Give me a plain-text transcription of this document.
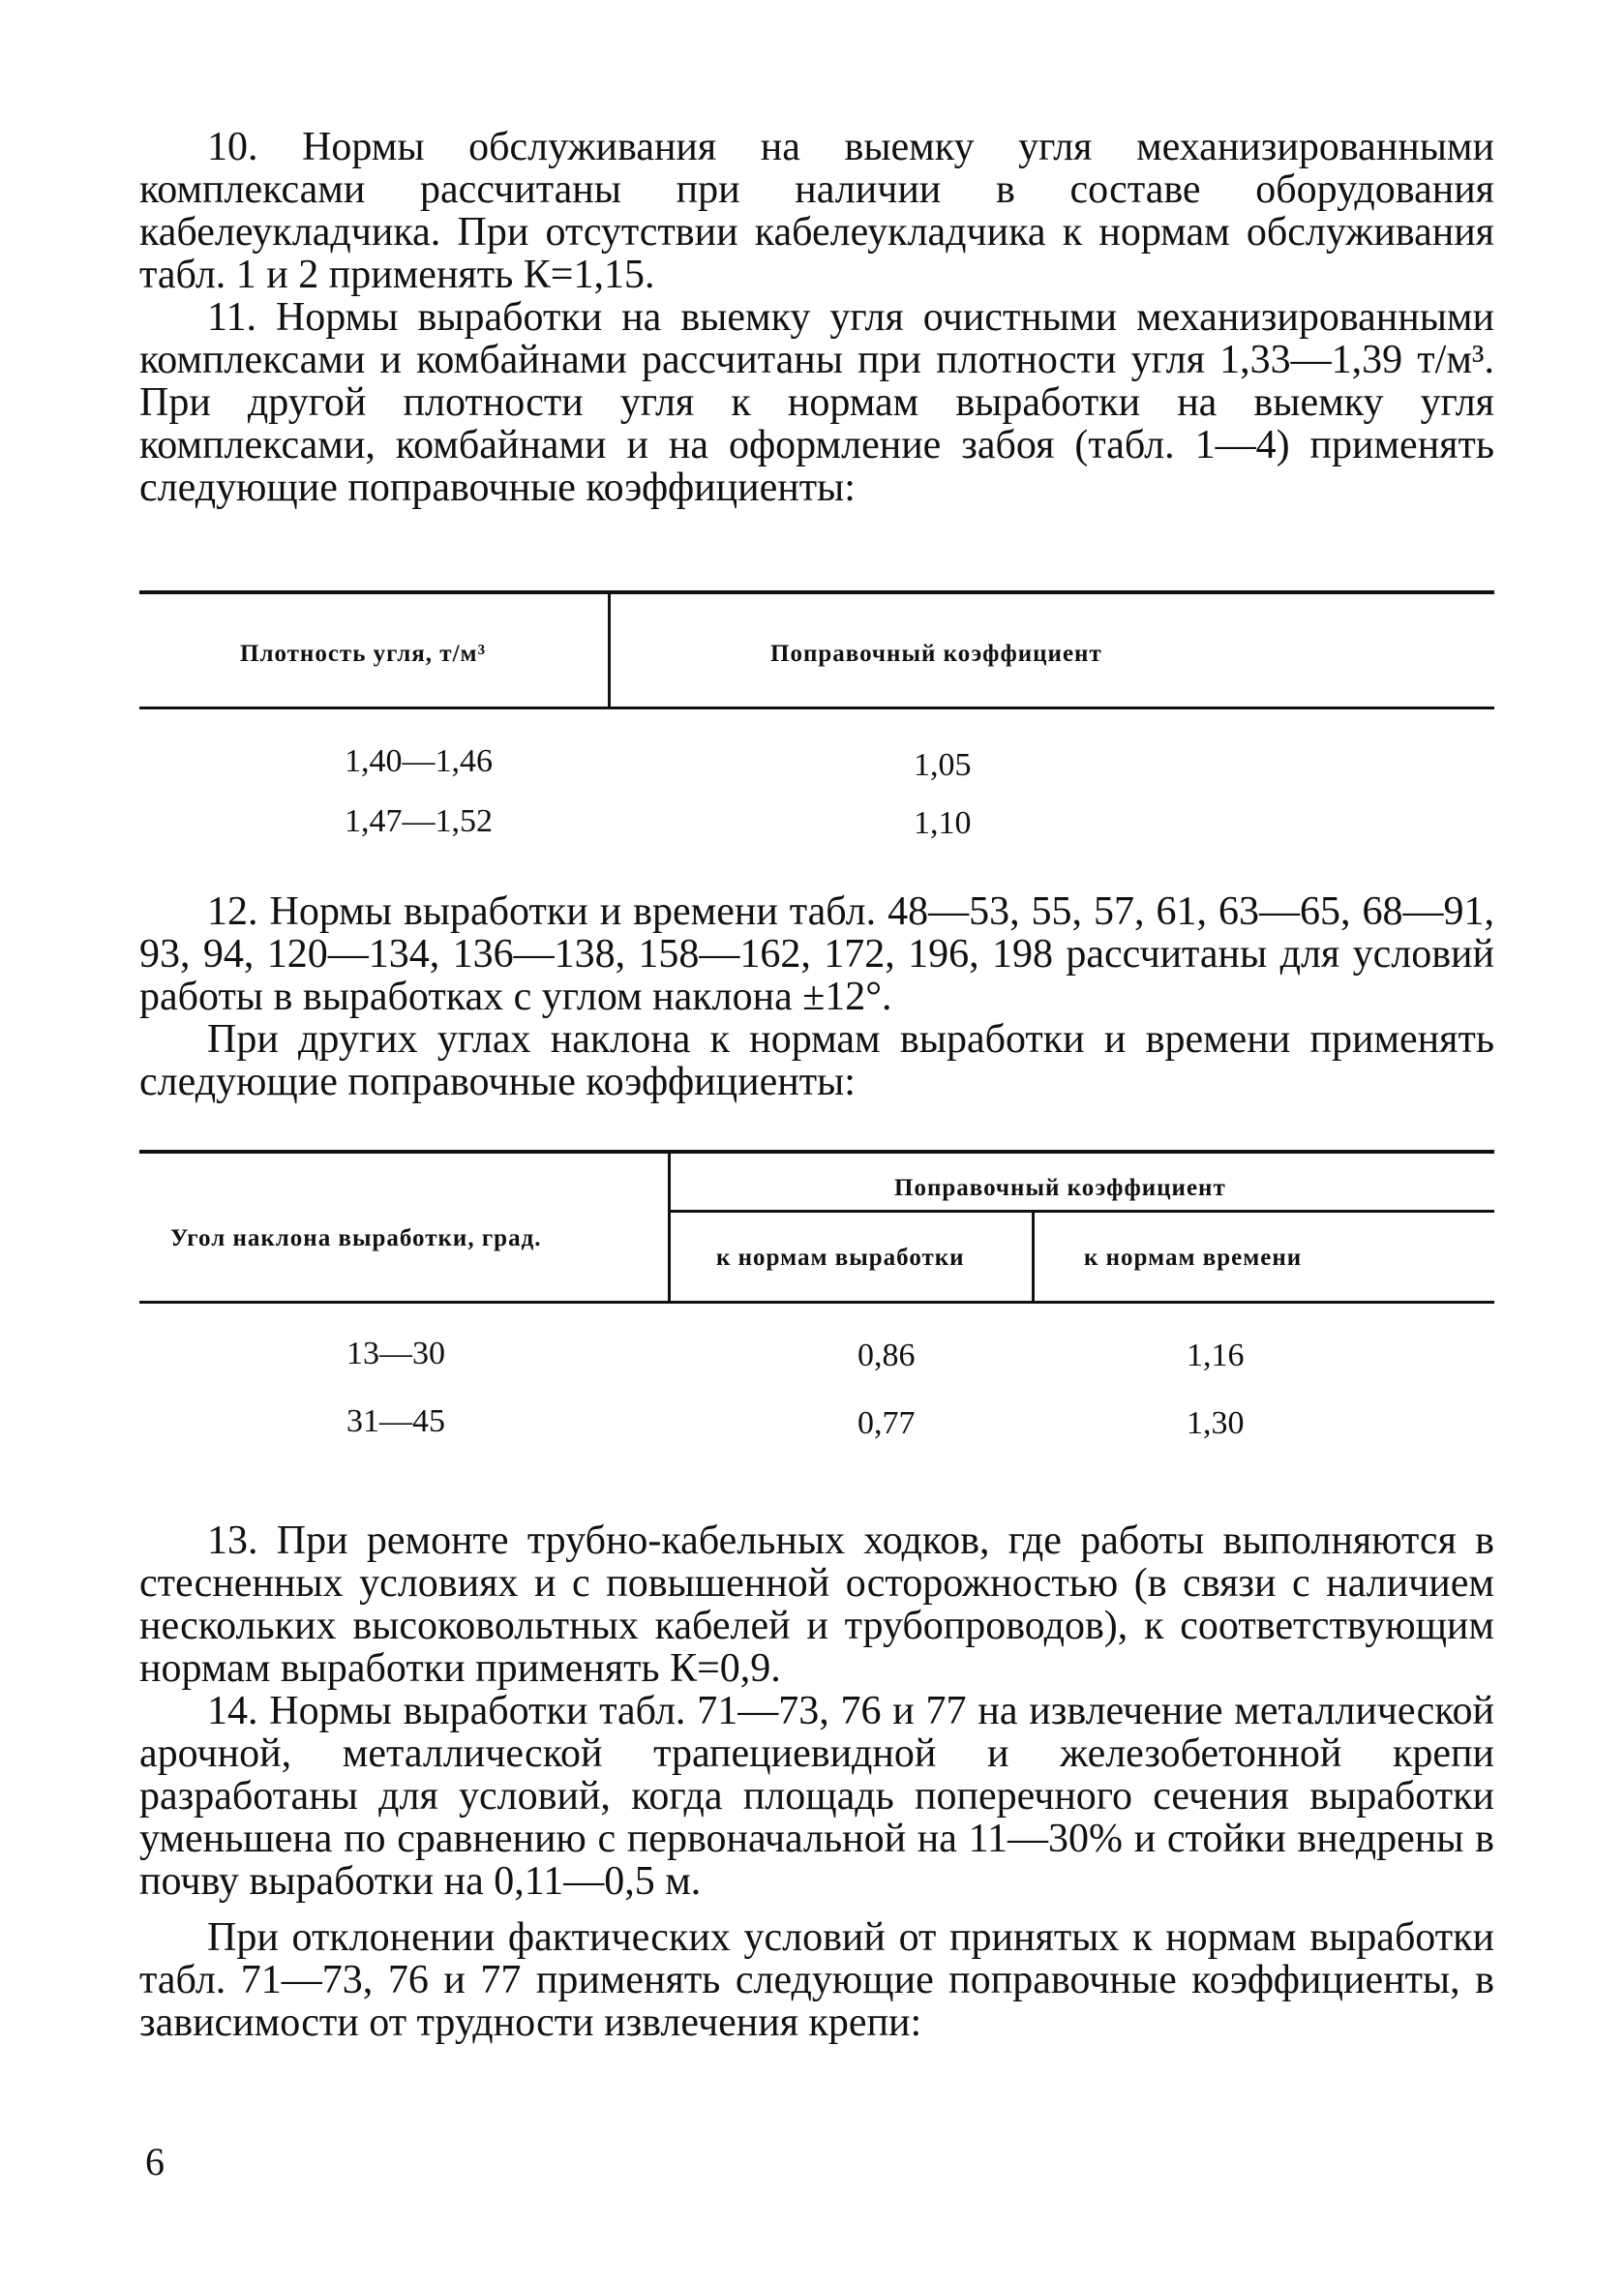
10. Нормы обслуживания на выемку угля механизированными комплексами рассчитаны при наличии в составе оборудования кабелеукладчика. При отсутствии кабелеукладчика к нормам обслуживания табл. 1 и 2 применять К=1,15.

11. Нормы выработки на выемку угля очистными механизированными комплексами и комбайнами рассчитаны при плотности угля 1,33—1,39 т/м³. При другой плотности угля к нормам выработки на выемку угля комплексами, комбайнами и на оформление забоя (табл. 1—4) применять следующие поправочные коэффициенты:

Плотность угля, т/м³	Поправочный коэффициент
1,40—1,46	1,05
1,47—1,52	1,10

12. Нормы выработки и времени табл. 48—53, 55, 57, 61, 63—65, 68—91, 93, 94, 120—134, 136—138, 158—162, 172, 196, 198 рассчитаны для условий работы в выработках с углом наклона ±12°.

При других углах наклона к нормам выработки и времени применять следующие поправочные коэффициенты:

Угол наклона выработки, град.
Поправочный коэффициент
к нормам выработки	к нормам времени
13—30	0,86	1,16
31—45	0,77	1,30

13. При ремонте трубно-кабельных ходков, где работы выполняются в стесненных условиях и с повышенной осторожностью (в связи с наличием нескольких высоковольтных кабелей и трубопроводов), к соответствующим нормам выработки применять К=0,9.

14. Нормы выработки табл. 71—73, 76 и 77 на извлечение металлической арочной, металлической трапециевидной и железобетонной крепи разработаны для условий, когда площадь поперечного сечения выработки уменьшена по сравнению с первоначальной на 11—30% и стойки внедрены в почву выработки на 0,11—0,5 м.

При отклонении фактических условий от принятых к нормам выработки табл. 71—73, 76 и 77 применять следующие поправочные коэффициенты, в зависимости от трудности извлечения крепи:

6
